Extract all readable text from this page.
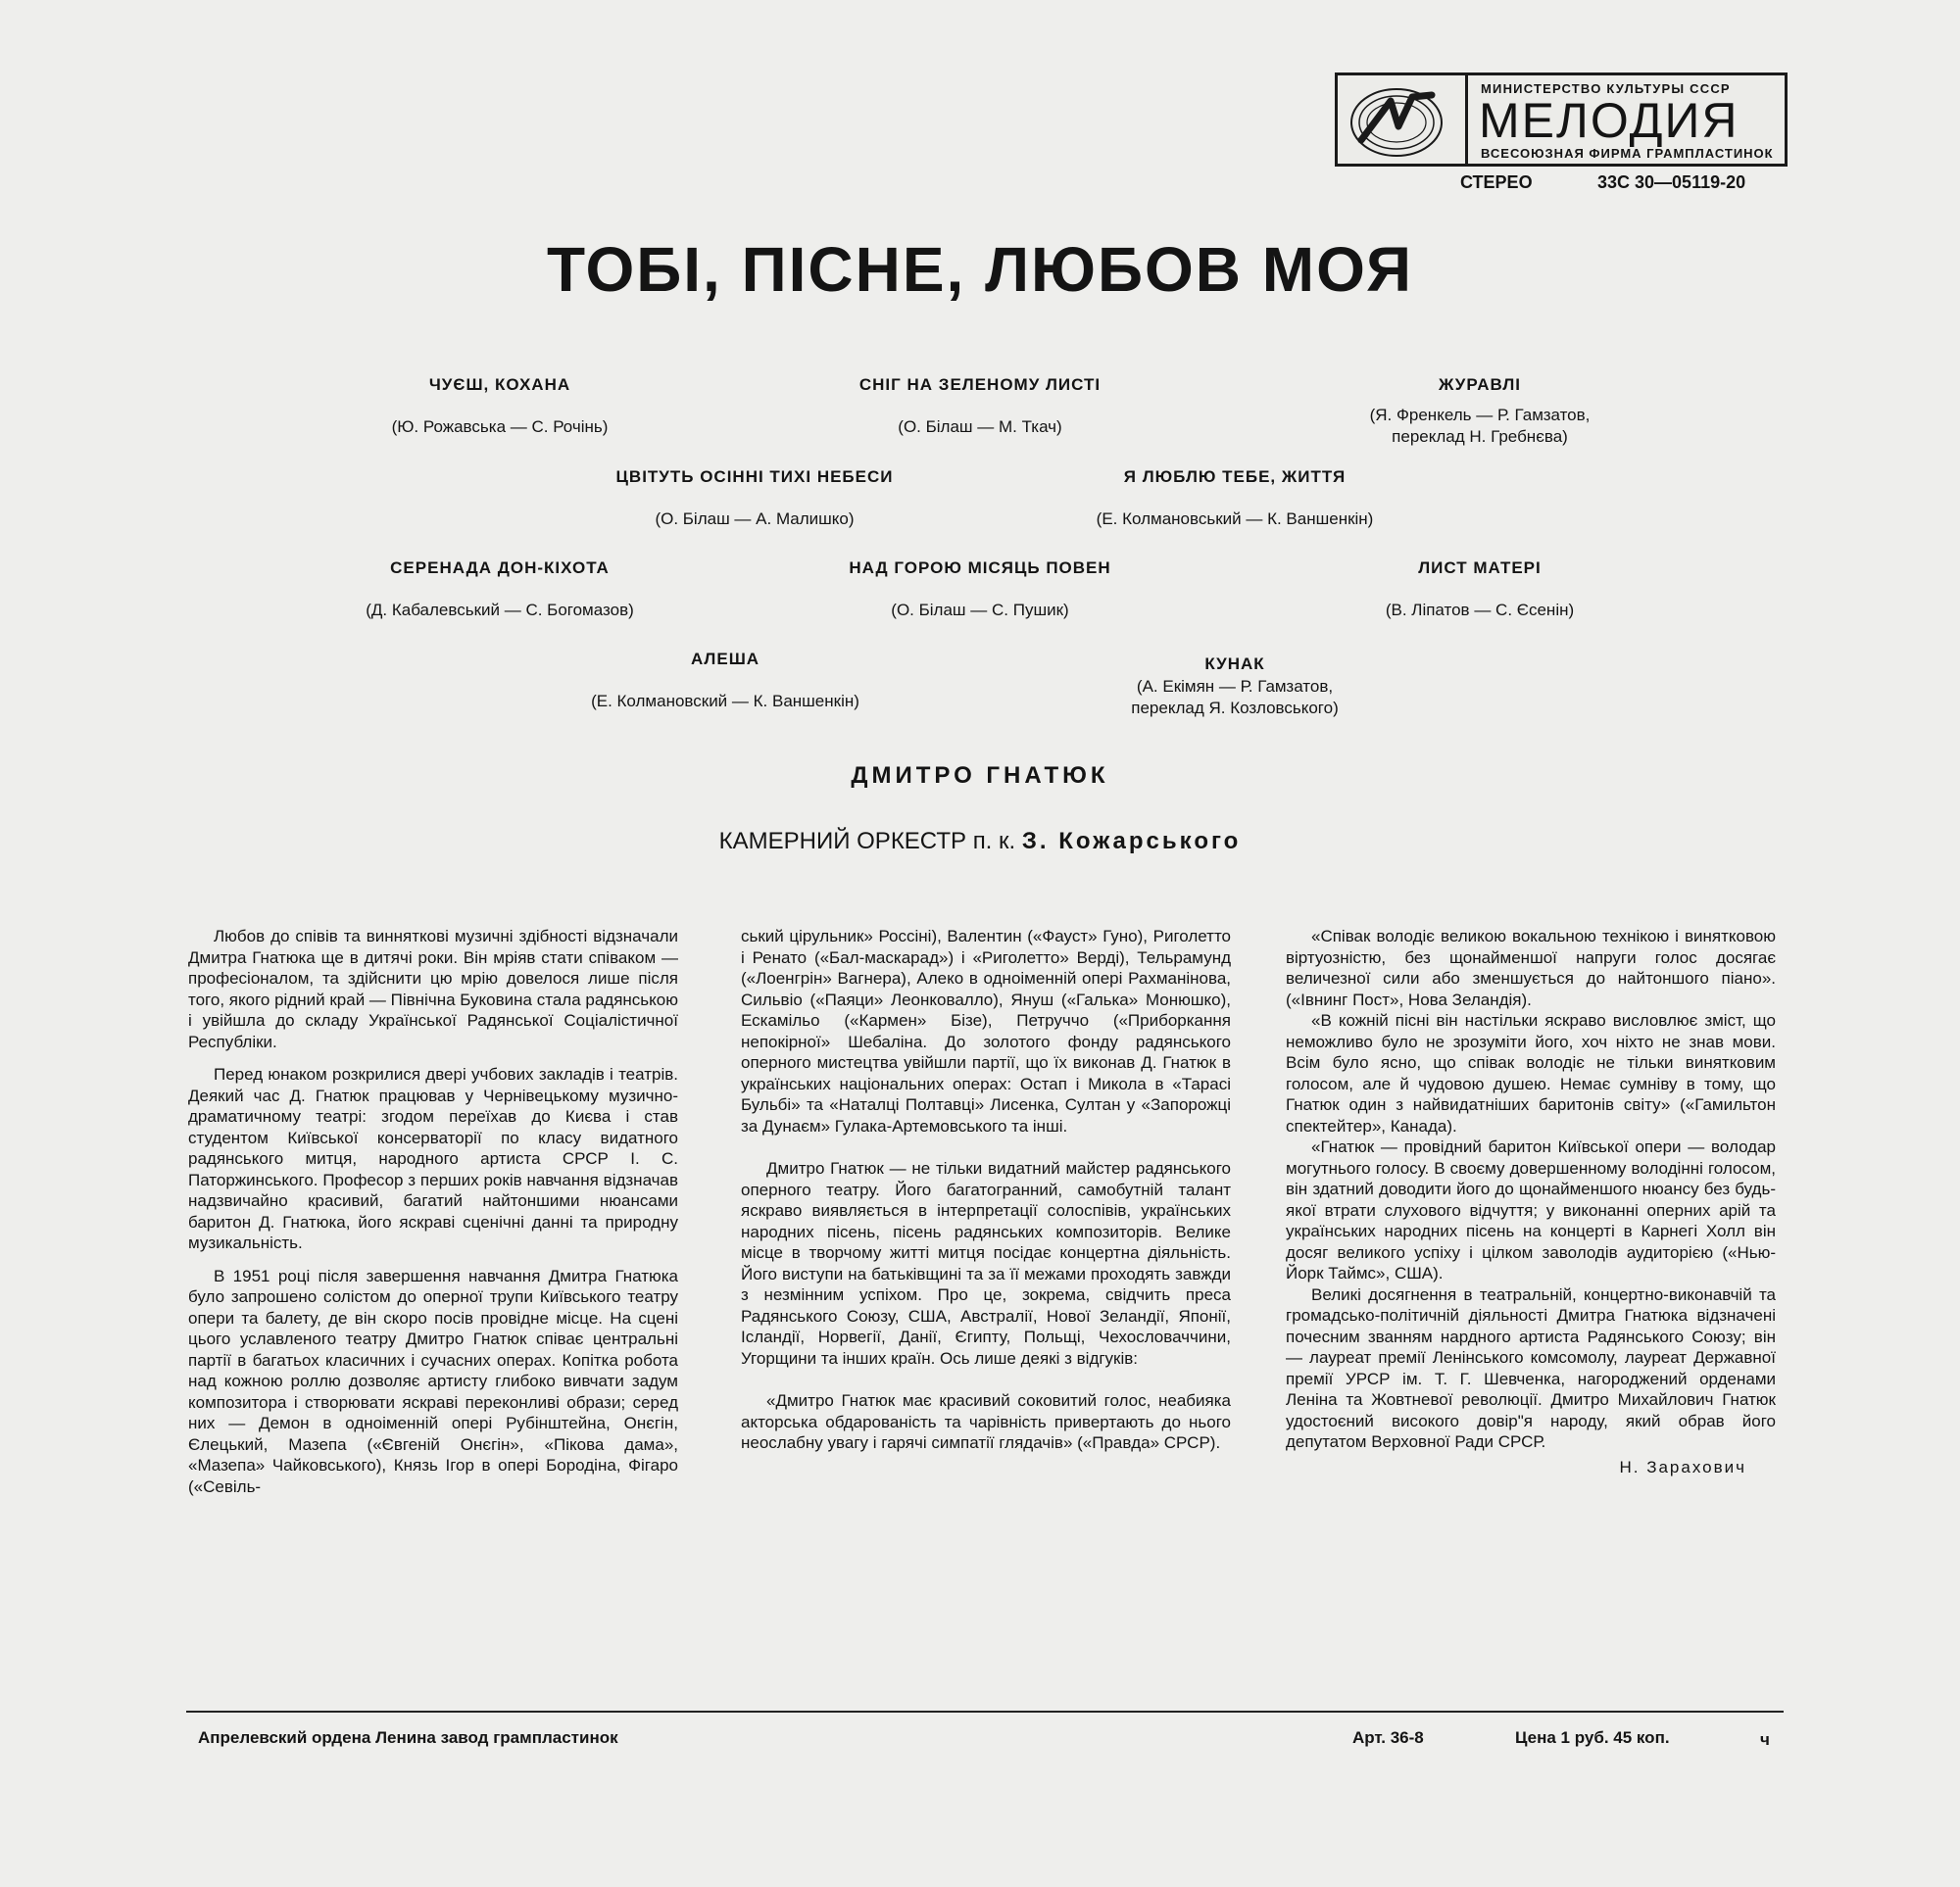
МИНИСТЕРСТВО КУЛЬТУРЫ СССР
МЕЛОДИЯ
ВСЕСОЮЗНАЯ ФИРМА ГРАМПЛАСТИНОК
СТЕРЕО	33С 30—05119-20
ТОБІ, ПІСНЕ, ЛЮБОВ МОЯ
ЧУЄШ, КОХАНА
(Ю. Рожавська — С. Рочінь)
СНІГ НА ЗЕЛЕНОМУ ЛИСТІ
(О. Білаш — М. Ткач)
ЖУРАВЛІ
(Я. Френкель — Р. Гамзатов,
переклад Н. Гребнєва)
ЦВІТУТЬ ОСІННІ ТИХІ НЕБЕСИ
(О. Білаш — А. Малишко)
Я ЛЮБЛЮ ТЕБЕ, ЖИТТЯ
(Е. Колмановський — К. Ваншенкін)
СЕРЕНАДА ДОН-КІХОТА
(Д. Кабалевський — С. Богомазов)
НАД ГОРОЮ МІСЯЦЬ ПОВЕН
(О. Білаш — С. Пушик)
ЛИСТ МАТЕРІ
(В. Ліпатов — С. Єсенін)
АЛЕША
(Е. Колмановский — К. Ваншенкін)
КУНАК
(А. Екімян — Р. Гамзатов,
переклад Я. Козловського)
ДМИТРО ГНАТЮК
КАМЕРНИЙ ОРКЕСТР п. к. З. Кожарського

Любов до співів та винняткові музичні здібності відзначали Дмитра Гнатюка ще в дитячі роки. Він мріяв стати співаком — професіоналом, та здійснити цю мрію довелося лише після того, якого рідний край — Північна Буковина стала радянською і увійшла до складу Української Радянської Соціалістичної Республіки.

Перед юнаком розкрилися двері учбових закладів і театрів. Деякий час Д. Гнатюк працював у Чернівецькому музично-драматичному театрі: згодом переїхав до Києва і став студентом Київської консерваторії по класу видатного радянського митця, народного артиста СРСР І. С. Паторжинського. Професор з перших років навчання відзначав надзвичайно красивий, багатий найтоншими нюансами баритон Д. Гнатюка, його яскраві сценічні данні та природну музикальність.

В 1951 році після завершення навчання Дмитра Гнатюка було запрошено солістом до оперної трупи Київського театру опери та балету, де він скоро посів провідне місце. На сцені цього уславленого театру Дмитро Гнатюк співає центральні партії в багатьох класичних і сучасних операх. Копітка робота над кожною роллю дозволяє артисту глибоко вивчати задум композитора і створювати яскраві переконливі образи; серед них — Демон в одноіменній опері Рубінштейна, Онєгін, Єлецький, Мазепа («Євгеній Онєгін», «Пікова дама», «Мазепа» Чайковського), Князь Ігор в опері Бородіна, Фігаро («Севіль-

ський цірульник» Россіні), Валентин («Фауст» Гуно), Риголетто і Ренато («Бал-маскарад») і «Риголетто» Верді), Тельрамунд («Лоенгрін» Вагнера), Алеко в одноіменній опері Рахманінова, Сильвіо («Паяци» Леонковалло), Януш («Галька» Монюшко), Ескамільо («Кармен» Бізе), Петруччо («Приборкання непокірної» Шебаліна. До золотого фонду радянського оперного мистецтва увійшли партії, що їх виконав Д. Гнатюк в українських національних операх: Остап і Микола в «Тарасі Бульбі» та «Наталці Полтавці» Лисенка, Султан у «Запорожці за Дунаєм» Гулака-Артемовського та інші.

Дмитро Гнатюк — не тільки видатний майстер радянського оперного театру. Його багатогранний, самобутній талант яскраво виявляється в інтерпретації солоспівів, українських народних пісень, пісень радянських композиторів. Велике місце в творчому житті митця посідає концертна діяльність. Його виступи на батьківщині та за її межами проходять завжди з незмінним успіхом. Про це, зокрема, свідчить преса Радянського Союзу, США, Австралії, Нової Зеландії, Японії, Ісландії, Норвегії, Данії, Єгипту, Польщі, Чехословаччини, Угорщини та інших країн. Ось лише деякі з відгуків:

«Дмитро Гнатюк має красивий соковитий голос, неабияка акторська обдарованість та чарівність привертають до нього неослабну увагу і гарячі симпатії глядачів» («Правда» СРСР).

«Співак володіє великою вокальною технікою і винятковою віртуозністю, без щонайменшої напруги голос досягає величезної сили або зменшується до найтоншого піано». («Івнинг Пост», Нова Зеландія).

«В кожній пісні він настільки яскраво висловлює зміст, що неможливо було не зрозуміти його, хоч ніхто не знав мови. Всім було ясно, що співак володіє не тільки винятковим голосом, але й чудовою душею. Немає сумніву в тому, що Гнатюк один з найвидатніших баритонів світу» («Гамильтон спектейтер», Канада).

«Гнатюк — провідний баритон Київської опери — володар могутнього голосу. В своєму довершенному володінні голосом, він здатний доводити його до щонайменшого нюансу без будь-якої втрати слухового відчуття; у виконанні оперних арій та українських народних пісень на концерті в Карнегі Холл він досяг великого успіху і цілком заволодів аудиторією («Нью-Йорк Таймс», США).

Великі досягнення в театральній, концертно-виконавчій та громадсько-політичній діяльності Дмитра Гнатюка відзначені почесним званням нардного артиста Радянського Союзу; він — лауреат премії Ленінського комсомолу, лауреат Державної премії УРСР ім. Т. Г. Шевченка, нагороджений орденами Леніна та Жовтневої революції. Дмитро Михайлович Гнатюк удостоєний високого довір"я народу, який обрав його депутатом Верховної Ради СРСР.

Н. Зарахович
Апрелевский ордена Ленина завод грампластинок	Арт. 36-8	Цена 1 руб. 45 коп.	ч
